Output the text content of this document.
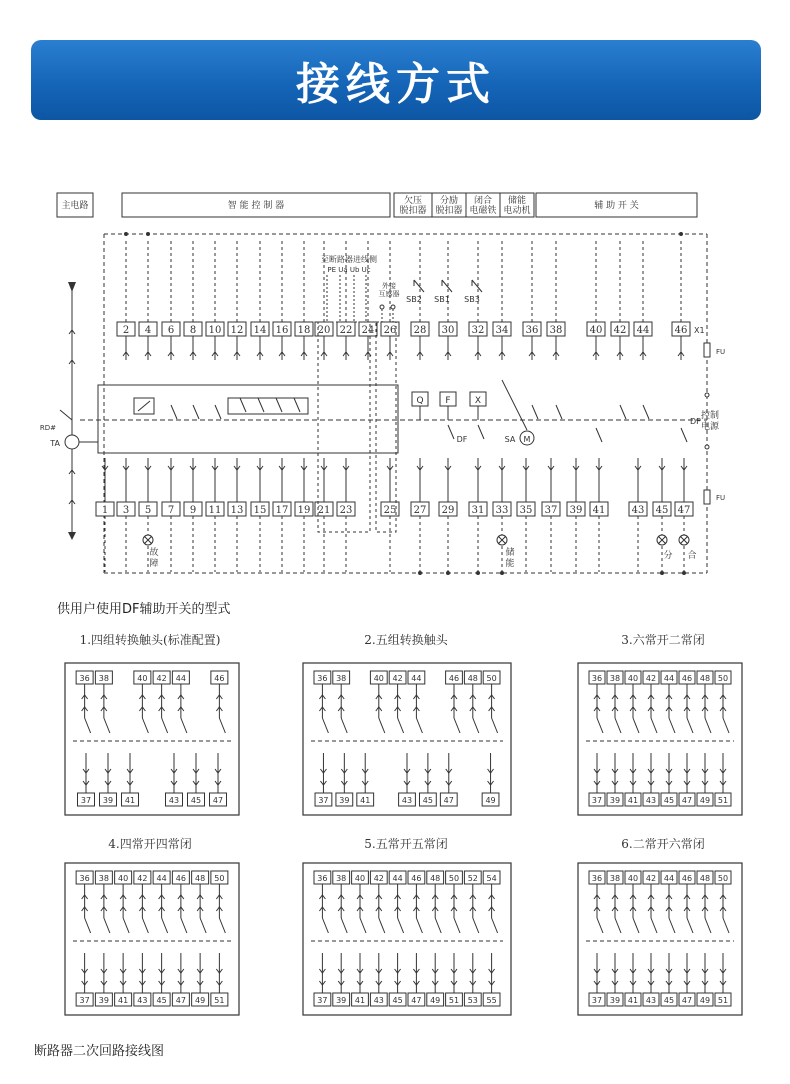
接线方式
主电路	智 能 控 制 器	欠压
脱扣器
分励
脱扣器
闭合
电磁铁
储能
电动机	辅 助 开 关
2 4 6 8 10 12 14 16 18 20 22 24 26 28 30 32 34 36 38	40 42 44	46
1 3 5 7 9 11 13 15 17 19 21 23	25 27 29 31 33 35 37 39 41	43 45 47
X1
至断路器进线侧
PE Ua Ub Uc
外接
互感器
RD#
TA
Q F	X
DF
SB2 SB1 SB3
M
SA
DF
FU
控制
电源
FU
故
障
储
能
分 合
1.四组转换触头(标准配置)
36 38	40 42 44	46
37 39 41	43 45 47
2.五组转换触头
36 38	40 42 44	46 48 50
37 39 41	43 45 47	49
3.六常开二常闭
36 38 40 42 44 46 48 50
37 39 41 43 45 47 49 51
4.四常开四常闭
36 38 40 42 44 46 48 50
37 39 41 43 45 47 49 51
5.五常开五常闭
36 38 40 42 44 46 48 50 52 54
37 39 41 43 45 47 49 51 53 55
6.二常开六常闭
36 38 40 42 44 46 48 50
37 39 41 43 45 47 49 51
供用户使用DF辅助开关的型式
断路器二次回路接线图
